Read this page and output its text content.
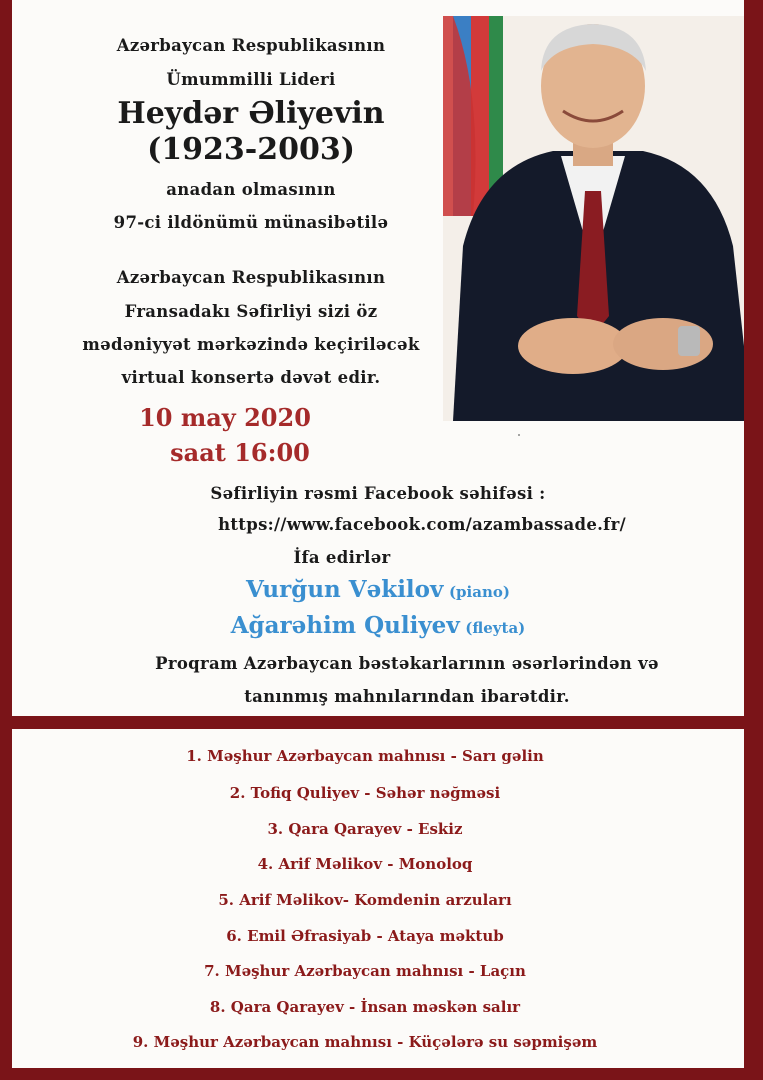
Azərbaycan Respublikasının
Ümummilli Lideri
Heydər Əliyevin
(1923-2003)
anadan olmasının
97-ci ildönümü münasibətilə
Azərbaycan Respublikasının
Fransadakı Səfirliyi sizi öz
mədəniyyət mərkəzində keçiriləcək
virtual konsertə dəvət edir.
10 may 2020
saat 16:00
Səfirliyin rəsmi Facebook səhifəsi :
https://www.facebook.com/azambassade.fr/
İfa edirlər
Vurğun Vəkilov (piano)
Ağarəhim Quliyev (fleyta)
Proqram Azərbaycan bəstəkarlarının əsərlərindən və
tanınmış mahnılarından ibarətdir.
1. Məşhur Azərbaycan mahnısı - Sarı gəlin
2. Tofiq Quliyev - Səhər nəğməsi
3. Qara Qarayev - Eskiz
4. Arif Məlikov - Monoloq
5. Arif Məlikov- Komdenin arzuları
6. Emil Əfrasiyab - Ataya məktub
7. Məşhur Azərbaycan mahnısı - Laçın
8. Qara Qarayev - İnsan məskən salır
9. Məşhur Azərbaycan mahnısı - Küçələrə su səpmişəm
